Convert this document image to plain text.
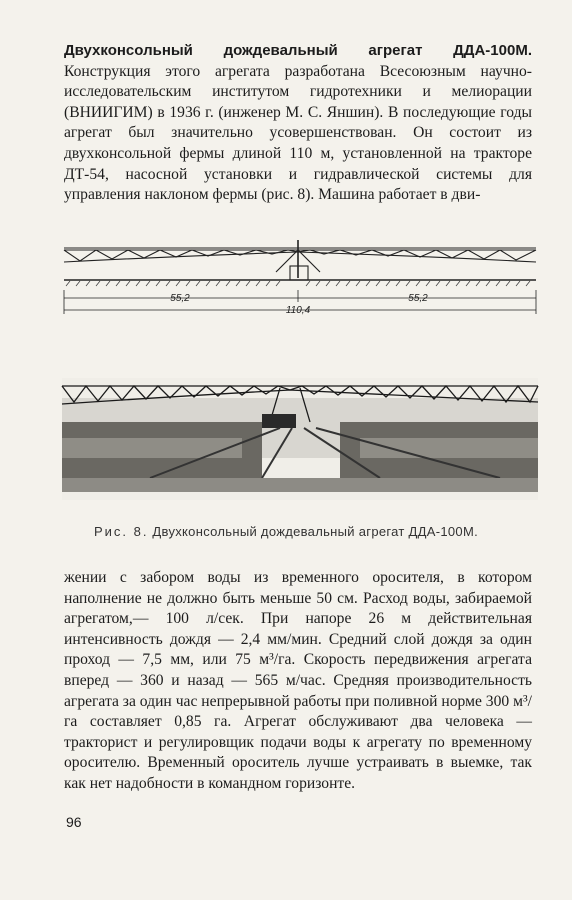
Двухконсольный дождевальный агрегат ДДА-100М. Конструкция этого агрегата разработана Всесоюзным научно-исследовательским институтом гидротехники и мелиорации (ВНИИГИМ) в 1936 г. (инженер М. С. Яншин). В последующие годы агрегат был значительно усовершенствован. Он состоит из двухконсольной фермы длиной 110 м, установленной на тракторе ДТ-54, насосной установки и гидравлической системы для управления наклоном фермы (рис. 8). Машина работает в дви-

55,2
110,4
55,2
Рис. 8. Двухконсольный дождевальный агрегат ДДА-100М.

жении с забором воды из временного оросителя, в котором наполнение не должно быть меньше 50 см. Расход воды, забираемой агрегатом,— 100 л/сек. При напоре 26 м действительная интенсивность дождя — 2,4 мм/мин. Средний слой дождя за один проход — 7,5 мм, или 75 м³/га. Скорость передвижения агрегата вперед — 360 и назад — 565 м/час. Средняя производительность агрегата за один час непрерывной работы при поливной норме 300 м³/га составляет 0,85 га. Агрегат обслуживают два человека — тракторист и регулировщик подачи воды к агрегату по временному оросителю. Временный ороситель лучше устраивать в выемке, так как нет надобности в командном горизонте.

96
